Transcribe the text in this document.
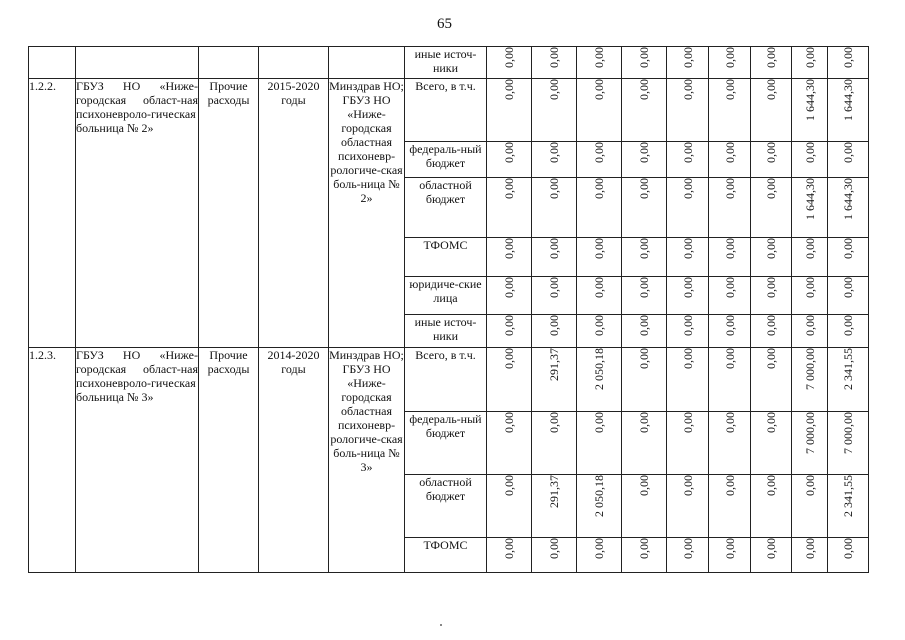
65
					иные источ-ники	0,00	0,00	0,00	0,00	0,00	0,00	0,00	0,00	0,00
1.2.2.	ГБУЗ НО «Ниже-городская област-ная психоневроло-гическая больница № 2»	Прочие расходы	2015-2020 годы	Минздрав НО; ГБУЗ НО «Ниже-городская областная психоневр-рологиче-ская боль-ница № 2»	Всего, в т.ч.	0,00	0,00	0,00	0,00	0,00	0,00	0,00	1 644,30	1 644,30
					федераль-ный бюджет	0,00	0,00	0,00	0,00	0,00	0,00	0,00	0,00	0,00
					областной бюджет	0,00	0,00	0,00	0,00	0,00	0,00	0,00	1 644,30	1 644,30
					ТФОМС	0,00	0,00	0,00	0,00	0,00	0,00	0,00	0,00	0,00
					юридиче-ские лица	0,00	0,00	0,00	0,00	0,00	0,00	0,00	0,00	0,00
					иные источ-ники	0,00	0,00	0,00	0,00	0,00	0,00	0,00	0,00	0,00
1.2.3.	ГБУЗ НО «Ниже-городская област-ная психоневроло-гическая больница № 3»	Прочие расходы	2014-2020 годы	Минздрав НО; ГБУЗ НО «Ниже-городская областная психоневр-рологиче-ская боль-ница № 3»	Всего, в т.ч.	0,00	291,37	2 050,18	0,00	0,00	0,00	0,00	7 000,00	2 341,55
					федераль-ный бюджет	0,00	0,00	0,00	0,00	0,00	0,00	0,00	7 000,00	7 000,00
					областной бюджет	0,00	291,37	2 050,18	0,00	0,00	0,00	0,00	0,00	2 341,55
					ТФОМС	0,00	0,00	0,00	0,00	0,00	0,00	0,00	0,00	0,00
